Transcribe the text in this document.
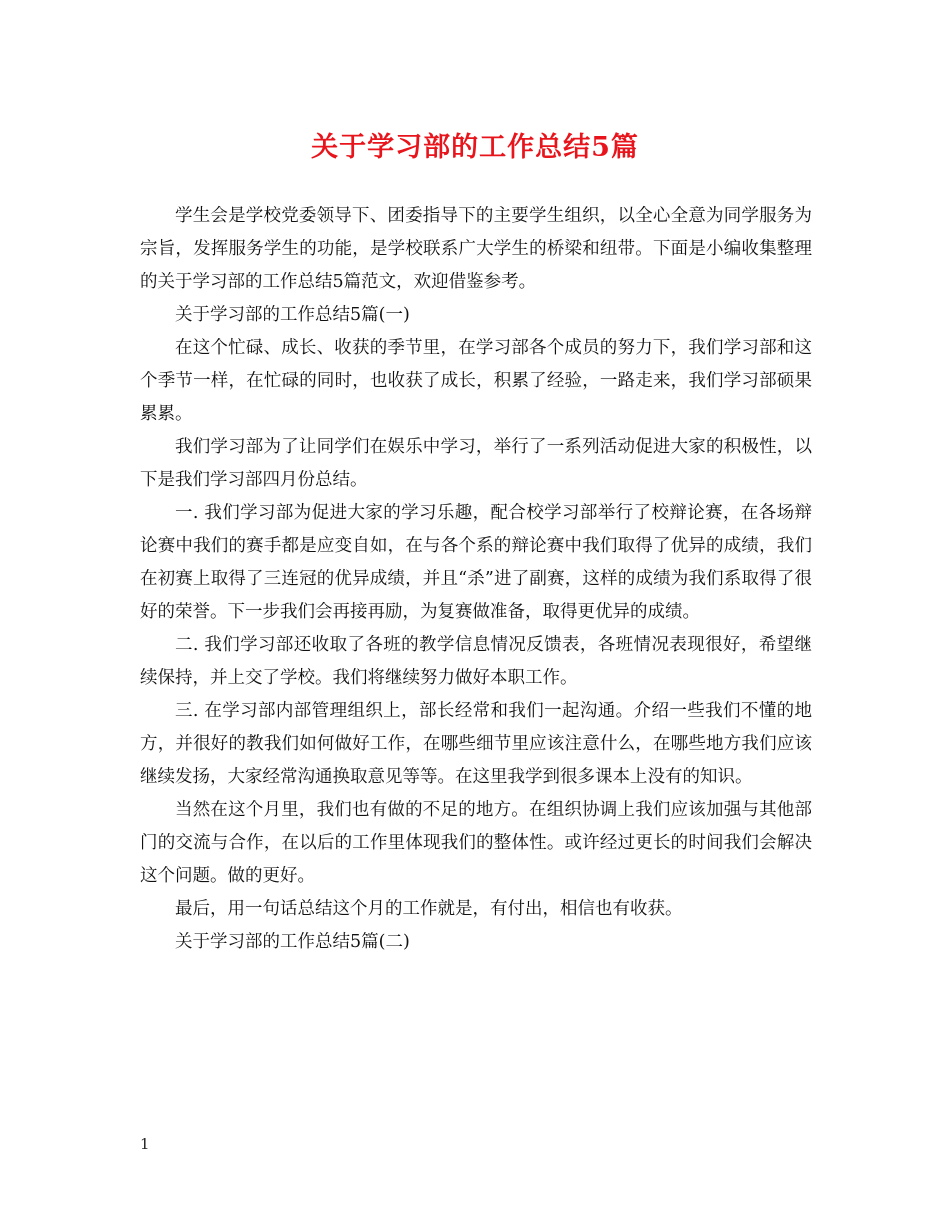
关于学习部的工作总结5篇

学生会是学校党委领导下、团委指导下的主要学生组织，以全心全意为同学服务为宗旨，发挥服务学生的功能，是学校联系广大学生的桥梁和纽带。下面是小编收集整理的关于学习部的工作总结5篇范文，欢迎借鉴参考。

关于学习部的工作总结5篇(一)

在这个忙碌、成长、收获的季节里，在学习部各个成员的努力下，我们学习部和这个季节一样，在忙碌的同时，也收获了成长，积累了经验，一路走来，我们学习部硕果累累。

我们学习部为了让同学们在娱乐中学习，举行了一系列活动促进大家的积极性，以下是我们学习部四月份总结。

一. 我们学习部为促进大家的学习乐趣，配合校学习部举行了校辩论赛，在各场辩论赛中我们的赛手都是应变自如，在与各个系的辩论赛中我们取得了优异的成绩，我们在初赛上取得了三连冠的优异成绩，并且“杀”进了副赛，这样的成绩为我们系取得了很好的荣誉。下一步我们会再接再励，为复赛做准备，取得更优异的成绩。

二. 我们学习部还收取了各班的教学信息情况反馈表，各班情况表现很好，希望继续保持，并上交了学校。我们将继续努力做好本职工作。

三. 在学习部内部管理组织上，部长经常和我们一起沟通。介绍一些我们不懂的地方，并很好的教我们如何做好工作，在哪些细节里应该注意什么，在哪些地方我们应该继续发扬，大家经常沟通换取意见等等。在这里我学到很多课本上没有的知识。

当然在这个月里，我们也有做的不足的地方。在组织协调上我们应该加强与其他部门的交流与合作，在以后的工作里体现我们的整体性。或许经过更长的时间我们会解决这个问题。做的更好。

最后，用一句话总结这个月的工作就是，有付出，相信也有收获。

关于学习部的工作总结5篇(二)

1
